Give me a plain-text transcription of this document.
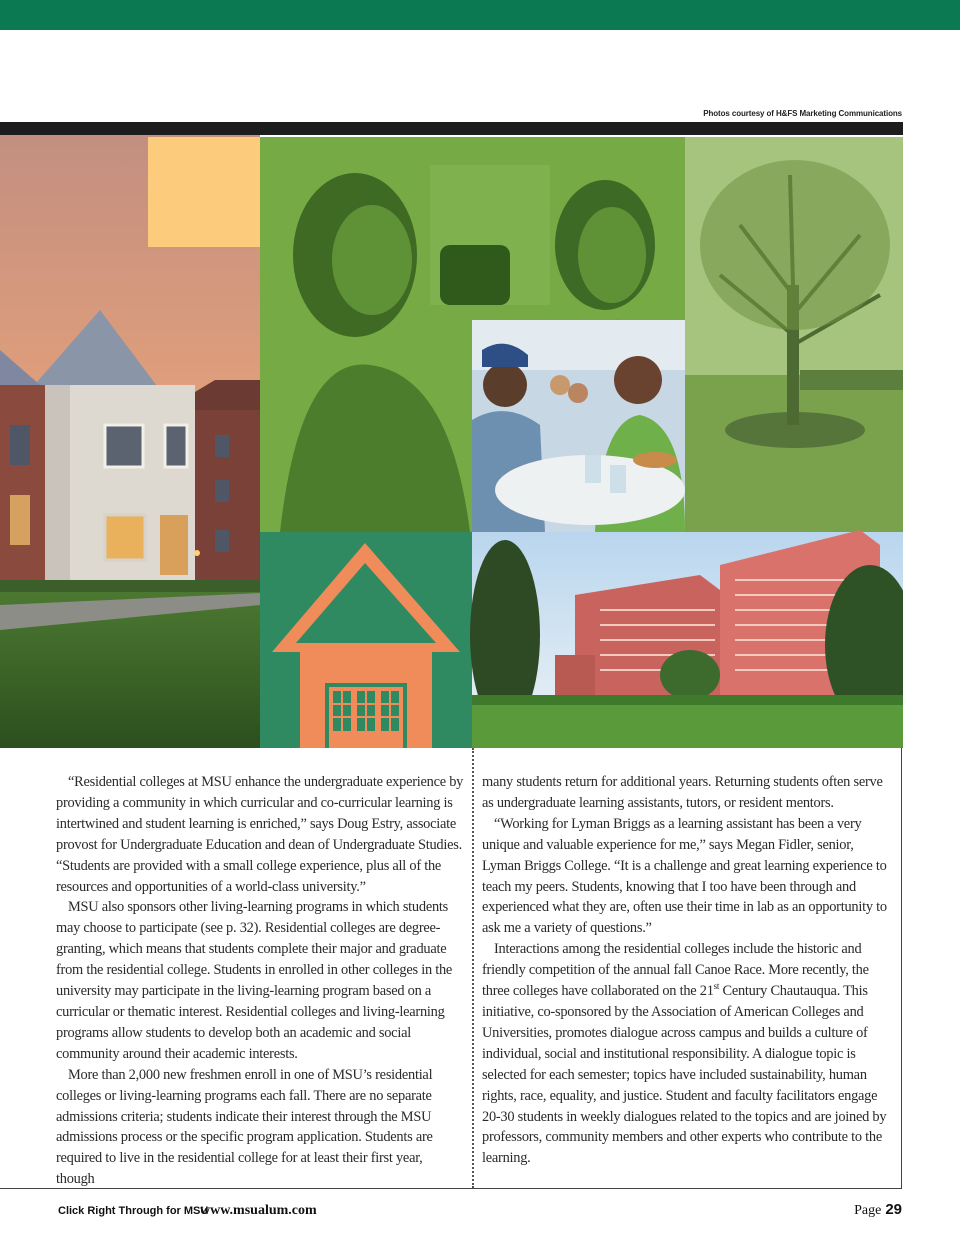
Photos courtesy of H&FS Marketing Communications

“Residential colleges at MSU enhance the undergraduate experience by providing a community in which curricular and co-curricular learning is intertwined and student learning is enriched,” says Doug Estry, associate provost for Undergraduate Education and dean of Undergraduate Studies. “Students are provided with a small college experience, plus all of the resources and opportunities of a world-class university.”

MSU also sponsors other living-learning programs in which students may choose to participate (see p. 32). Residential colleges are degree-granting, which means that students complete their major and graduate from the residential college. Students in enrolled in other colleges in the university may participate in the living-learning program based on a curricular or thematic interest. Residential colleges and living-learning programs allow students to develop both an academic and social community around their academic interests.

More than 2,000 new freshmen enroll in one of MSU’s residential colleges or living-learning programs each fall. There are no separate admissions criteria; students indicate their interest through the MSU admissions process or the specific program application. Students are required to live in the residential college for at least their first year, though

many students return for additional years. Returning students often serve as undergraduate learning assistants, tutors, or resident mentors.

“Working for Lyman Briggs as a learning assistant has been a very unique and valuable experience for me,” says Megan Fidler, senior, Lyman Briggs College. “It is a challenge and great learning experience to teach my peers. Students, knowing that I too have been through and experienced what they are, often use their time in lab as an opportunity to ask me a variety of questions.”

Interactions among the residential colleges include the historic and friendly competition of the annual fall Canoe Race. More recently, the three colleges have collaborated on the 21st Century Chautauqua. This initiative, co-sponsored by the Association of American Colleges and Universities, promotes dialogue across campus and builds a culture of individual, social and institutional responsibility. A dialogue topic is selected for each semester; topics have included sustainability, human rights, race, equality, and justice. Student and faculty facilitators engage 20-30 students in weekly dialogues related to the topics and are joined by professors, community members and other experts who contribute to the learning.

Click Right Through for MSU
www.msualum.com	Page 29
